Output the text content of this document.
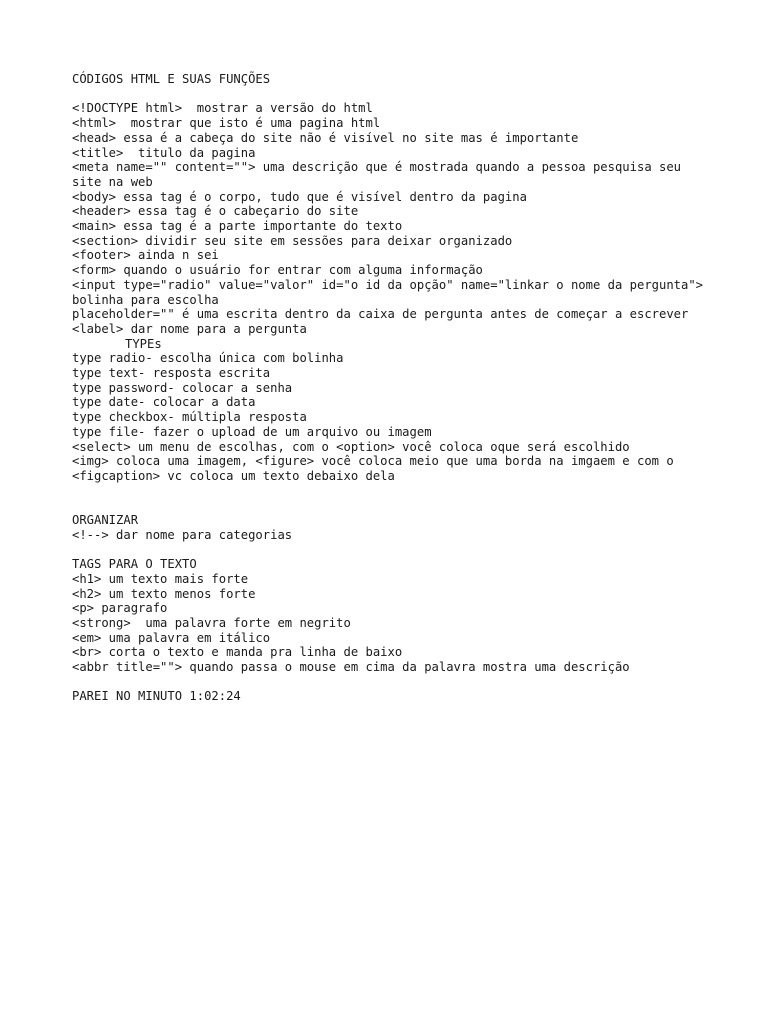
CÓDIGOS HTML E SUAS FUNÇÕES
<!DOCTYPE html>  mostrar a versão do html
<html>  mostrar que isto é uma pagina html
<head> essa é a cabeça do site não é visível no site mas é importante
<title>  titulo da pagina
<meta name="" content=""> uma descrição que é mostrada quando a pessoa pesquisa seu site na web
<body> essa tag é o corpo, tudo que é visível dentro da pagina
<header> essa tag é o cabeçario do site
<main> essa tag é a parte importante do texto
<section> dividir seu site em sessões para deixar organizado
<footer> ainda n sei
<form> quando o usuário for entrar com alguma informação
<input type="radio" value="valor" id="o id da opção" name="linkar o nome da pergunta"> bolinha para escolha
placeholder="" é uma escrita dentro da caixa de pergunta antes de começar a escrever
<label> dar nome para a pergunta
TYPEs
type radio- escolha única com bolinha
type text- resposta escrita
type password- colocar a senha
type date- colocar a data
type checkbox- múltipla resposta
type file- fazer o upload de um arquivo ou imagem
<select> um menu de escolhas, com o <option> você coloca oque será escolhido
<img> coloca uma imagem, <figure> você coloca meio que uma borda na imgaem e com o <figcaption> vc coloca um texto debaixo dela
ORGANIZAR
<!--> dar nome para categorias
TAGS PARA O TEXTO
<h1> um texto mais forte
<h2> um texto menos forte
<p> paragrafo
<strong>  uma palavra forte em negrito
<em> uma palavra em itálico
<br> corta o texto e manda pra linha de baixo
<abbr title=""> quando passa o mouse em cima da palavra mostra uma descrição
PAREI NO MINUTO 1:02:24
